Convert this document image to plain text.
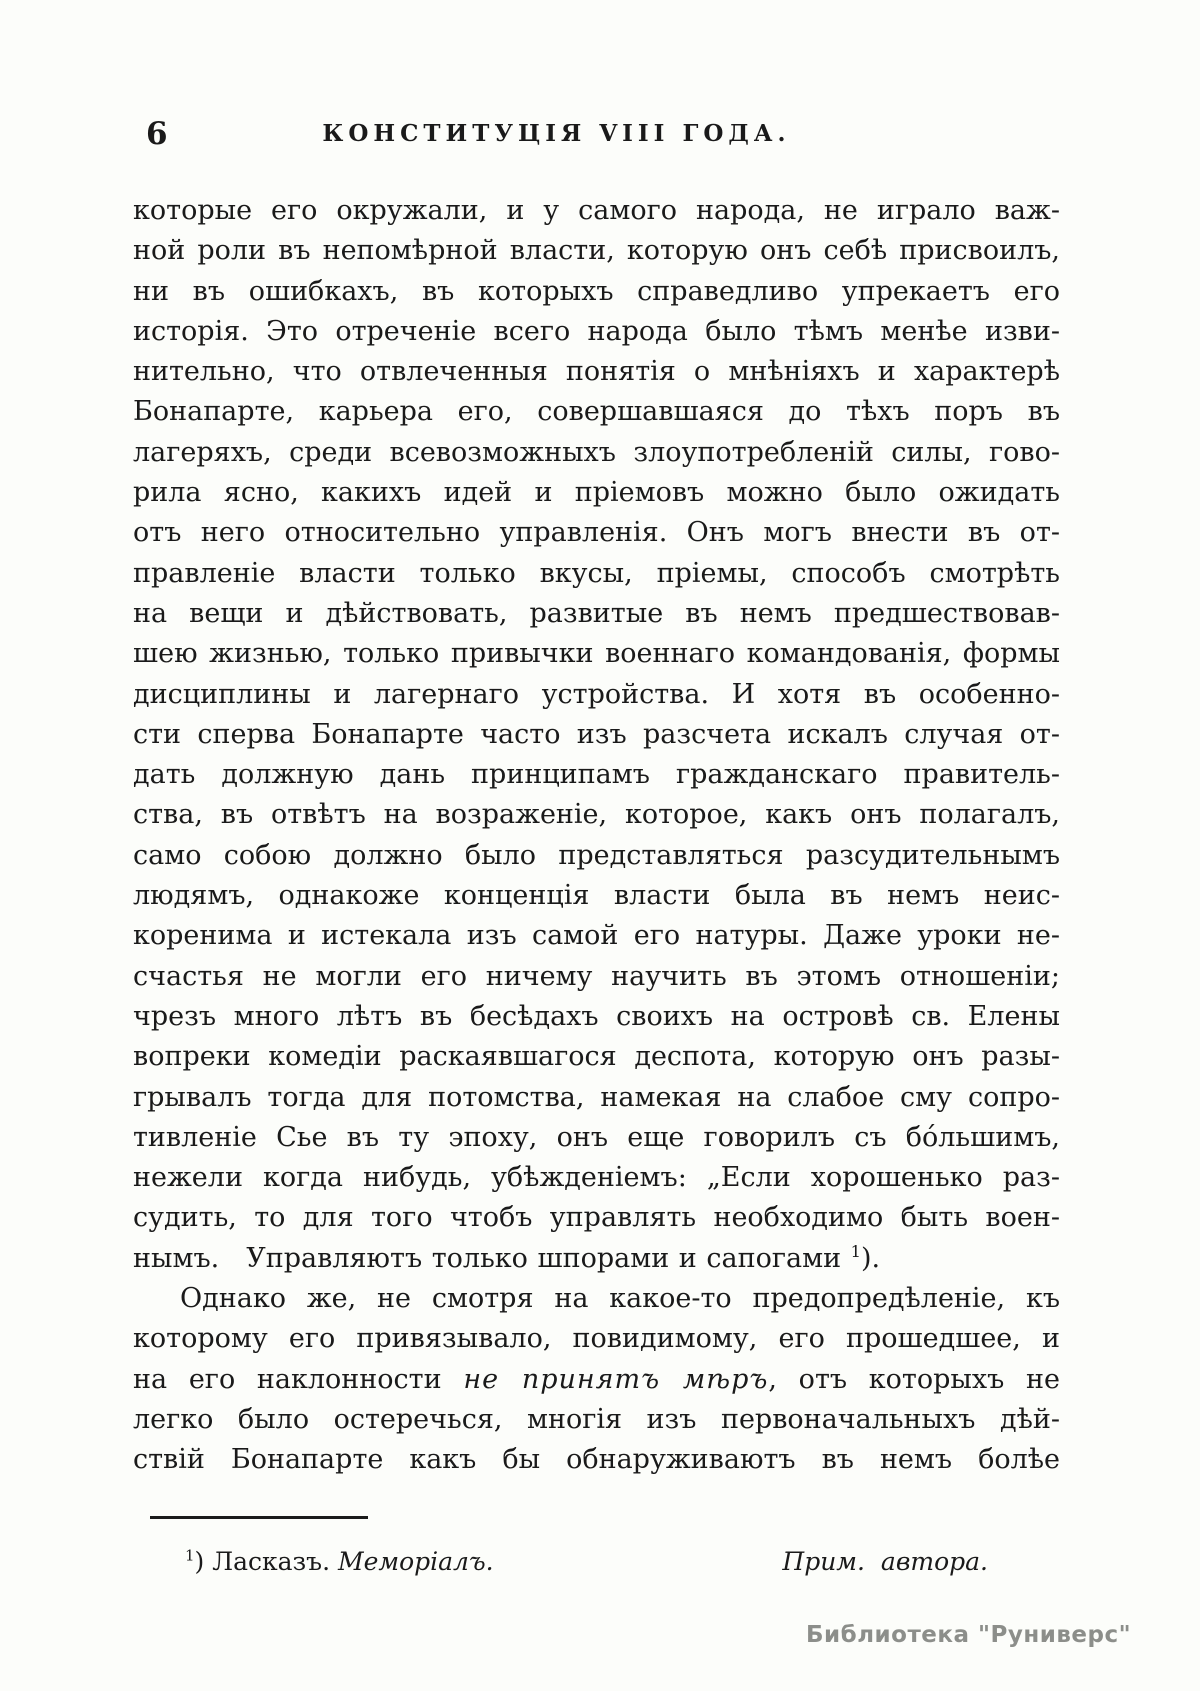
6	КОНСТИТУЦІЯ VIII ГОДА.
которые его окружали, и у самого народа, не играло важ-
ной роли въ непомѣрной власти, которую онъ себѣ присвоилъ,
ни въ ошибкахъ, въ которыхъ справедливо упрекаетъ его
исторія. Это отреченіе всего народа было тѣмъ менѣе изви-
нительно, что отвлеченныя понятія о мнѣніяхъ и характерѣ
Бонапарте, карьера его, совершавшаяся до тѣхъ поръ въ
лагеряхъ, среди всевозможныхъ злоупотребленій силы, гово-
рила ясно, какихъ идей и пріемовъ можно было ожидать
отъ него относительно управленія. Онъ могъ внести въ от-
правленіе власти только вкусы, пріемы, способъ смотрѣть
на вещи и дѣйствовать, развитые въ немъ предшествовав-
шею жизнью, только привычки военнаго командованія, формы
дисциплины и лагернаго устройства. И хотя въ особенно-
сти сперва Бонапарте часто изъ разсчета искалъ случая от-
дать должную дань принципамъ гражданскаго правитель-
ства, въ отвѣтъ на возраженіе, которое, какъ онъ полагалъ,
само собою должно было представляться разсудительнымъ
людямъ, однакоже конценція власти была въ немъ неис-
коренима и истекала изъ самой его натуры. Даже уроки не-
счастья не могли его ничему научить въ этомъ отношеніи;
чрезъ много лѣтъ въ бесѣдахъ своихъ на островѣ св. Елены
вопреки комедіи раскаявшагося деспота, которую онъ разы-
грывалъ тогда для потомства, намекая на слабое сму сопро-
тивленіе Сье въ ту эпоху, онъ еще говорилъ съ бо́льшимъ,
нежели когда нибудь, убѣжденіемъ: „Если хорошенько раз-
судить, то для того чтобъ управлять необходимо быть воен-
нымъ. Управляютъ только шпорами и сапогами $^1$).
Однако же, не смотря на какое-то предопредѣленіе, къ
которому его привязывало, повидимому, его прошедшее, и
на его наклонности не принятъ мѣръ, отъ которыхъ не
легко было остеречься, многія изъ первоначальныхъ дѣй-
ствій Бонапарте какъ бы обнаруживаютъ въ немъ болѣе
$^1$) Ласказъ. Меморіалъ.	Прим. автора.
Библиотека "Руниверс"
